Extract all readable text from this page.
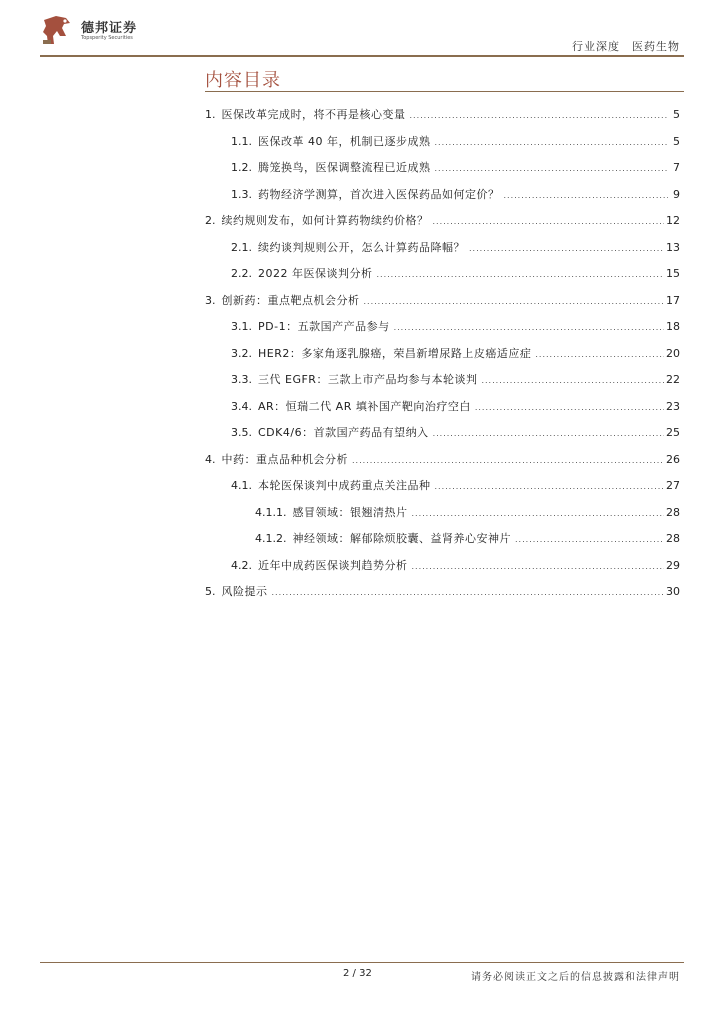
德邦证券
Topsperity Securities
行业深度 医药生物
内容目录
1. 医保改革完成时，将不再是核心变量 .....	5
1.1. 医保改革 40 年，机制已逐步成熟 .....	5
1.2. 腾笼换鸟，医保调整流程已近成熟 .....	7
1.3. 药物经济学测算，首次进入医保药品如何定价？ .....	9
2. 续约规则发布，如何计算药物续约价格？ .....	12
2.1. 续约谈判规则公开，怎么计算药品降幅？ .....	13
2.2. 2022 年医保谈判分析 .....	15
3. 创新药：重点靶点机会分析 .....	17
3.1. PD-1：五款国产产品参与 .....	18
3.2. HER2：多家角逐乳腺癌，荣昌新增尿路上皮癌适应症 .....	20
3.3. 三代 EGFR：三款上市产品均参与本轮谈判 .....	22
3.4. AR：恒瑞二代 AR 填补国产靶向治疗空白 .....	23
3.5. CDK4/6：首款国产药品有望纳入 .....	25
4. 中药：重点品种机会分析 .....	26
4.1. 本轮医保谈判中成药重点关注品种 .....	27
4.1.1. 感冒领域：银翘清热片 .....	28
4.1.2. 神经领域：解郁除烦胶囊、益肾养心安神片 .....	28
4.2. 近年中成药医保谈判趋势分析 .....	29
5. 风险提示 .....	30
2 / 32	请务必阅读正文之后的信息披露和法律声明
